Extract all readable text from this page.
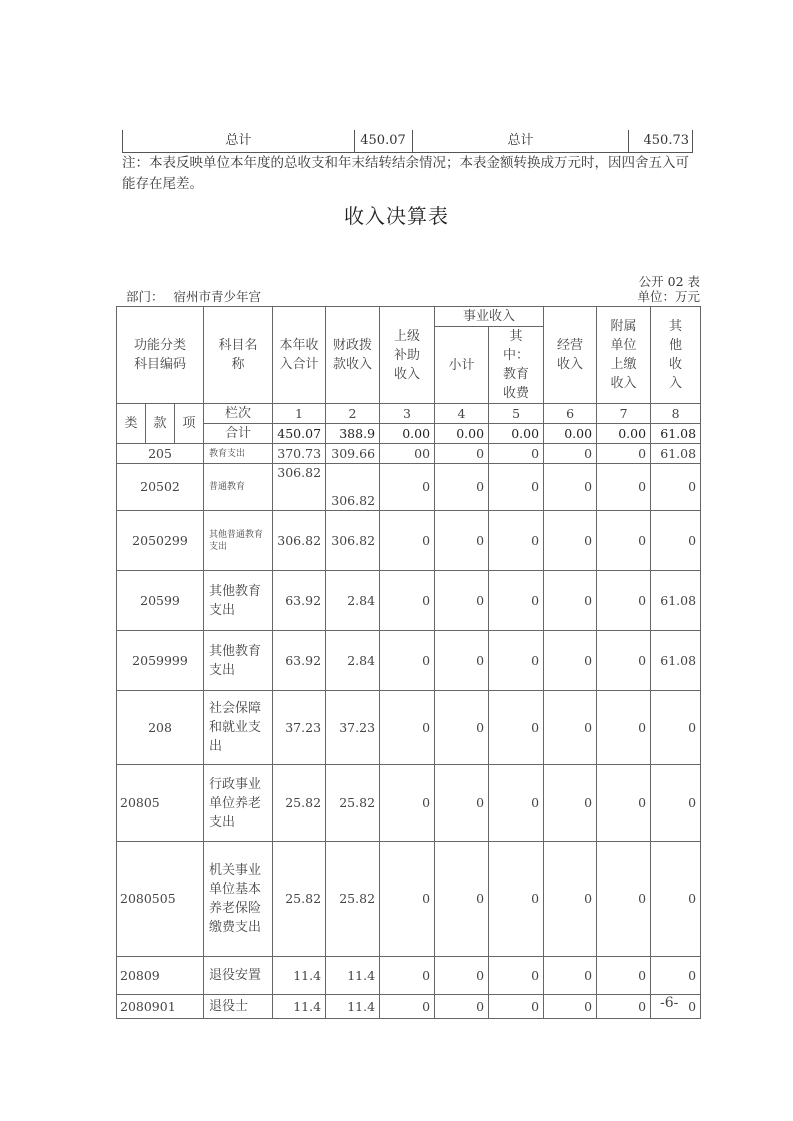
总计	450.07	总计	450.73
注：本表反映单位本年度的总收支和年末结转结余情况；本表金额转换成万元时，因四舍五入可能存在尾差。
收入决算表
公开 02 表
部门： 宿州市青少年宫	单位：万元
功能分类科目编码			科目名称	本年收入合计	财政拨款收入	上级补助收入	事业收入		经营收入	附属单位上缴收入	其他收入
							小计	其中：教育收费			
类	款	项	栏次	1	2	3	4	5	6	7	8
			合计	450.07	388.9	0.00	0.00	0.00	0.00	0.00	61.08
205			教育支出	370.73	309.66	00	0	0	0	0	61.08
20502			普通教育	306.82	306.82	0	0	0	0	0	0
2050299			其他普通教育支出	306.82	306.82	0	0	0	0	0	0
20599			其他教育支出	63.92	2.84	0	0	0	0	0	61.08
2059999			其他教育支出	63.92	2.84	0	0	0	0	0	61.08
208			社会保障和就业支出	37.23	37.23	0	0	0	0	0	0
20805			行政事业单位养老支出	25.82	25.82	0	0	0	0	0	0
2080505			机关事业单位基本养老保险缴费支出	25.82	25.82	0	0	0	0	0	0
20809			退役安置	11.4	11.4	0	0	0	0	0	0
2080901			退役士	11.4	11.4	0	0	0	0	0	0
-6-
